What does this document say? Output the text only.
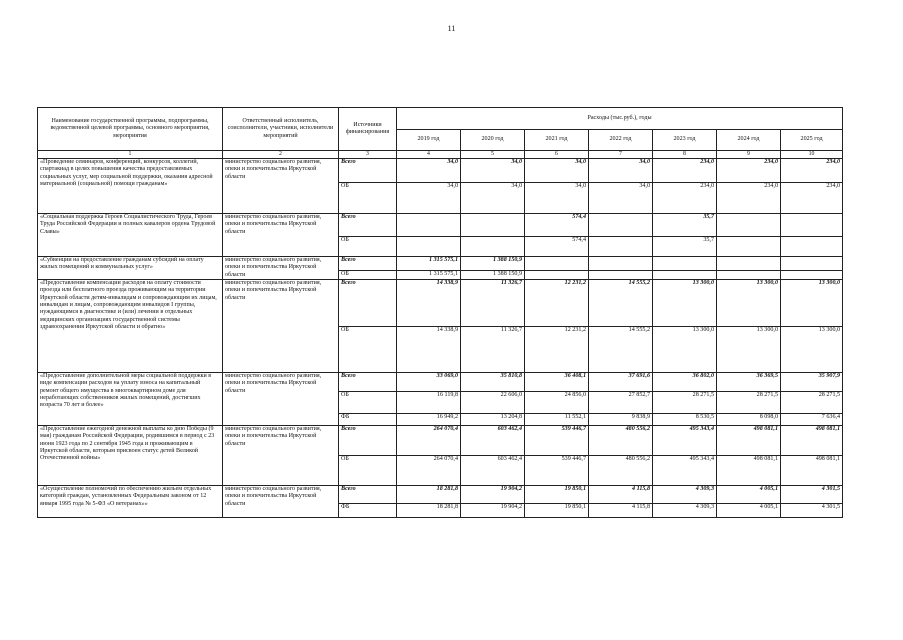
11
Наименование государственной программы, подпрограммы, ведомственной целевой программы, основного мероприятия, мероприятия	Ответственный исполнитель, соисполнители, участники, исполнители мероприятий	Источники финансирования	Расходы (тыс.руб.), годы						
			2019 год	2020 год	2021 год	2022 год	2023 год	2024 год	2025 год
1	2	3	4	5	6	7	8	9	10
«Проведение семинаров, конференций, конкурсов, коллегий, спартакиад в целях повышения качества предоставляемых социальных услуг, мер социальной поддержки, оказания адресной материальной (социальной) помощи гражданам»	министерство социального развития, опеки и попечительства Иркутской области	Всего	34,0	34,0	34,0	34,0	234,0	234,0	234,0
		ОБ	34,0	34,0	34,0	34,0	234,0	234,0	234,0
«Социальная поддержка Героев Социалистического Труда, Героев Труда Российской Федерации и полных кавалеров ордена Трудовой Славы»	министерство социального развития, опеки и попечительства Иркутской области	Всего			574,4		35,7		
		ОБ			574,4		35,7		
«Субвенции на предоставление гражданам субсидий на оплату жилых помещений и коммунальных услуг»	министерство социального развития, опеки и попечительства Иркутской области	Всего	1 315 575,1	1 388 150,9					
		ОБ	1 315 575,1	1 388 150,9					
«Предоставление компенсации расходов на оплату стоимости проезда или бесплатного проезда проживающим на территории Иркутской области детям-инвалидам и сопровождающим их лицам, инвалидам и лицам, сопровождающим инвалидов I группы, нуждающимся в диагностике и (или) лечении в отдельных медицинских организациях государственной системы здравоохранения Иркутской области и обратно»	министерство социального развития, опеки и попечительства Иркутской области	Всего	14 338,9	11 326,7	12 231,2	14 555,2	13 300,0	13 300,0	13 300,0
		ОБ	14 338,9	11 326,7	12 231,2	14 555,2	13 300,0	13 300,0	13 300,0
«Предоставление дополнительной меры социальной поддержки в виде компенсации расходов на уплату взноса на капитальный ремонт общего имущества в многоквартирном доме для неработающих собственников жилых помещений, достигших возраста 70 лет и более»	министерство социального развития, опеки и попечительства Иркутской области	Всего	33 069,0	35 810,8	36 408,1	37 691,6	36 802,0	36 369,5	35 907,9
		ОБ	16 119,8	22 606,0	24 856,0	27 852,7	28 271,5	28 271,5	28 271,5
		ФБ	16 949,2	13 204,8	11 552,1	9 838,9	8 530,5	8 098,0	7 636,4
«Предоставление ежегодной денежной выплаты ко дню Победы (9 мая) гражданам Российской Федерации, родившимся в период с 23 июня 1923 года по 2 сентября 1945 года и проживающим в Иркутской области, которым присвоен статус детей Великой Отечественной войны»	министерство социального развития, опеки и попечительства Иркутской области	Всего	264 070,4	603 462,4	539 446,7	480 556,2	495 343,4	498 081,1	498 081,1
		ОБ	264 070,4	603 462,4	539 446,7	480 556,2	495 343,4	498 081,1	498 081,1
«Осуществление полномочий по обеспечению жильем отдельных категорий граждан, установленных Федеральным законом от 12 января 1995 года № 5-ФЗ «О ветеранах»»	министерство социального развития, опеки и попечительства Иркутской области	Всего	18 281,8	19 904,2	19 850,1	4 115,8	4 309,3	4 005,1	4 301,5
		ФБ	18 281,8	19 904,2	19 850,1	4 115,8	4 309,3	4 005,1	4 301,5
